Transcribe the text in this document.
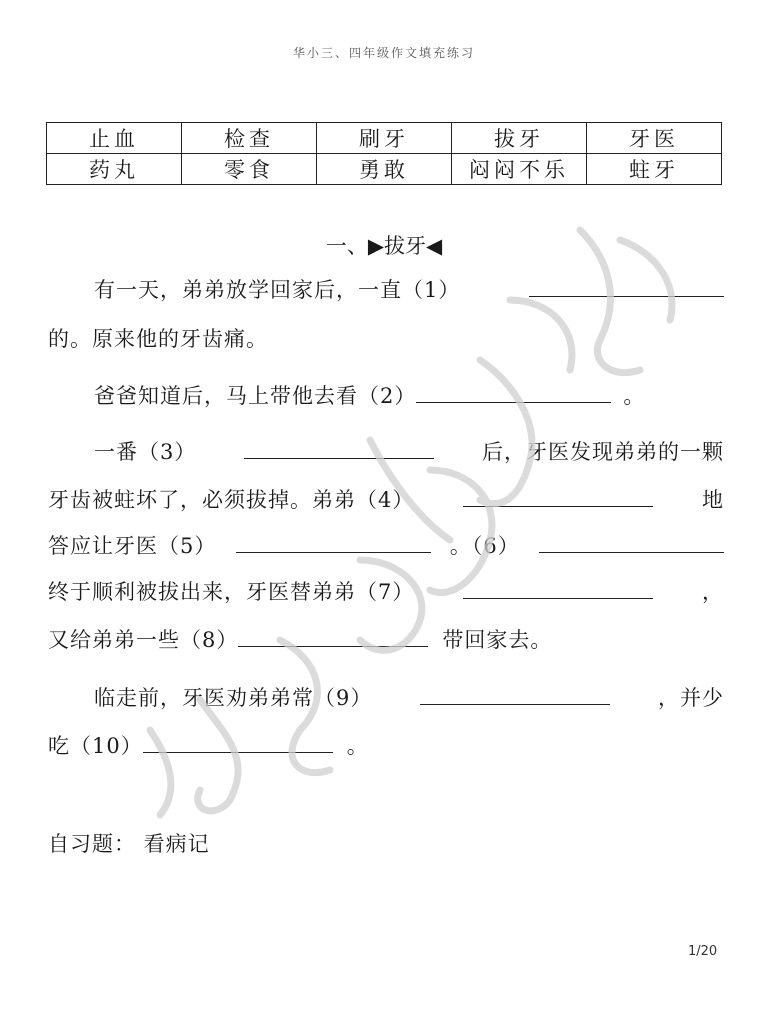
华小三、四年级作文填充练习
止血	检查	刷牙	拔牙	牙医
药丸	零食	勇敢	闷闷不乐	蛀牙
一、▶拔牙◀
有一天，弟弟放学回家后，一直（1）
的。原来他的牙齿痛。
爸爸知道后，马上带他去看（2）	。
一番（3）	后，牙医发现弟弟的一颗
牙齿被蛀坏了，必须拔掉。弟弟（4）	地
答应让牙医（5）	。（6）
终于顺利被拔出来，牙医替弟弟（7）	，
又给弟弟一些（8）	带回家去。
临走前，牙医劝弟弟常（9）	，并少
吃（10）	。
自习题： 看病记
1/20
